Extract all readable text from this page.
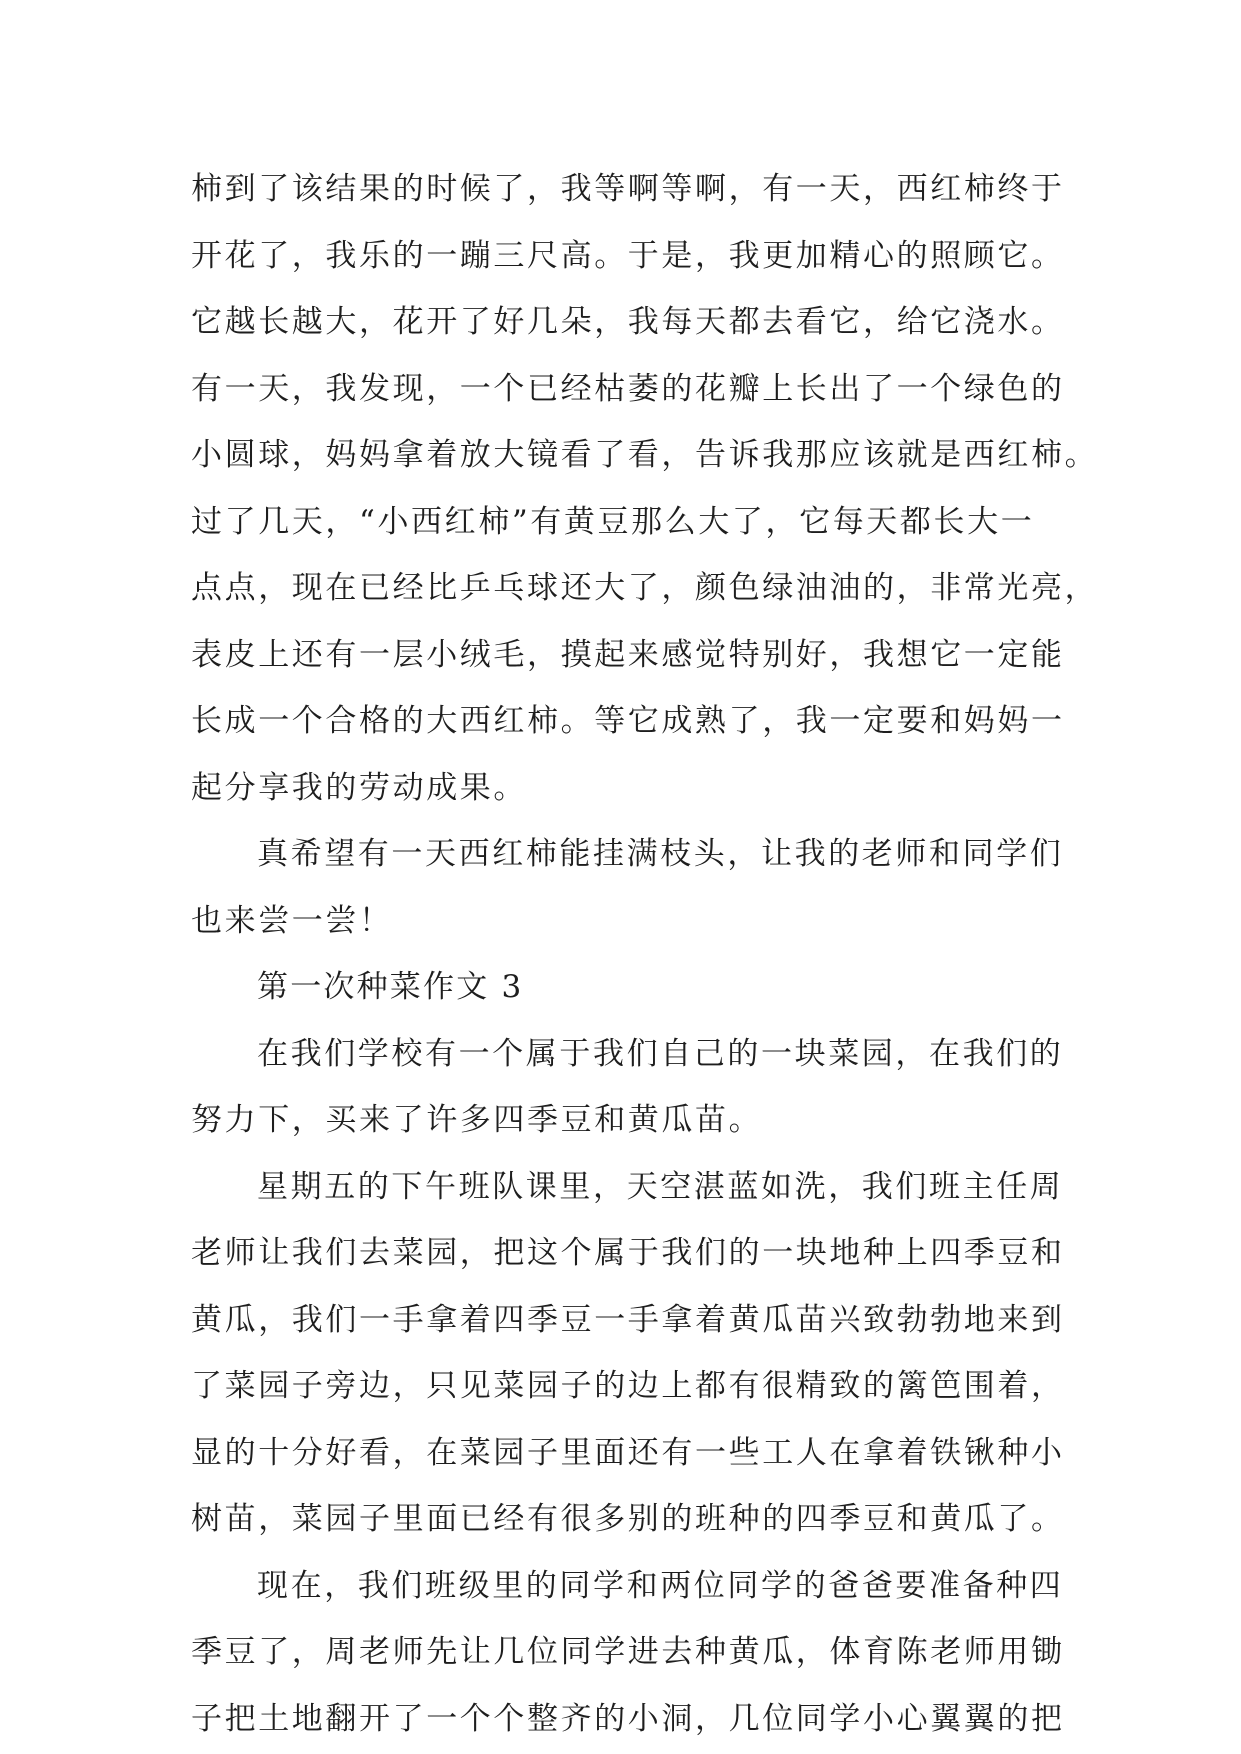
柿到了该结果的时候了，我等啊等啊，有一天，西红柿终于
开花了，我乐的一蹦三尺高。于是，我更加精心的照顾它。
它越长越大，花开了好几朵，我每天都去看它，给它浇水。
有一天，我发现，一个已经枯萎的花瓣上长出了一个绿色的
小圆球，妈妈拿着放大镜看了看，告诉我那应该就是西红柿。
过了几天，“小西红柿”有黄豆那么大了，它每天都长大一
点点，现在已经比乒乓球还大了，颜色绿油油的，非常光亮，
表皮上还有一层小绒毛，摸起来感觉特别好，我想它一定能
长成一个合格的大西红柿。等它成熟了，我一定要和妈妈一
起分享我的劳动成果。
真希望有一天西红柿能挂满枝头，让我的老师和同学们
也来尝一尝！
第一次种菜作文 3
在我们学校有一个属于我们自己的一块菜园，在我们的
努力下，买来了许多四季豆和黄瓜苗。
星期五的下午班队课里，天空湛蓝如洗，我们班主任周
老师让我们去菜园，把这个属于我们的一块地种上四季豆和
黄瓜，我们一手拿着四季豆一手拿着黄瓜苗兴致勃勃地来到
了菜园子旁边，只见菜园子的边上都有很精致的篱笆围着，
显的十分好看，在菜园子里面还有一些工人在拿着铁锹种小
树苗，菜园子里面已经有很多别的班种的四季豆和黄瓜了。
现在，我们班级里的同学和两位同学的爸爸要准备种四
季豆了，周老师先让几位同学进去种黄瓜，体育陈老师用锄
子把土地翻开了一个个整齐的小洞，几位同学小心翼翼的把
